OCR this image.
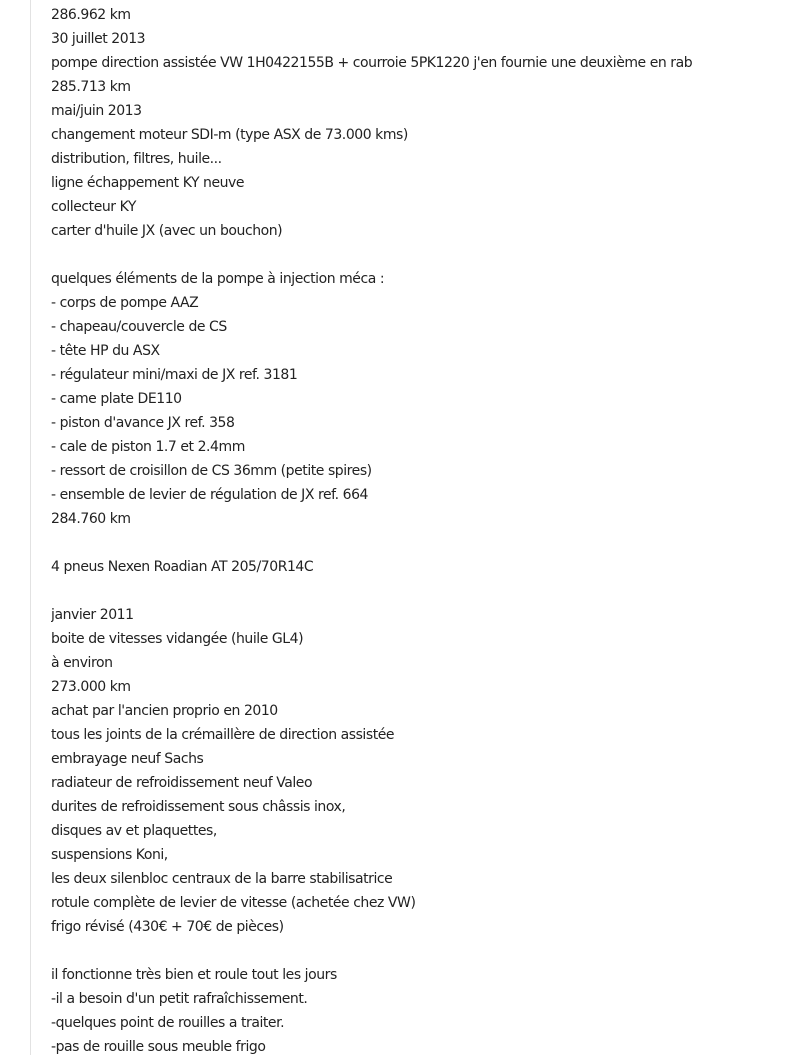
286.962 km
30 juillet 2013
pompe direction assistée VW 1H0422155B + courroie 5PK1220 j'en fournie une deuxième en rab
285.713 km
mai/juin 2013
changement moteur SDI-m (type ASX de 73.000 kms)
distribution, filtres, huile...
ligne échappement KY neuve
collecteur KY
carter d'huile JX (avec un bouchon)
quelques éléments de la pompe à injection méca :
- corps de pompe AAZ
- chapeau/couvercle de CS
- tête HP du ASX
- régulateur mini/maxi de JX ref. 3181
- came plate DE110
- piston d'avance JX ref. 358
- cale de piston 1.7 et 2.4mm
- ressort de croisillon de CS 36mm (petite spires)
- ensemble de levier de régulation de JX ref. 664
284.760 km
4 pneus Nexen Roadian AT 205/70R14C
janvier 2011
boite de vitesses vidangée (huile GL4)
à environ
273.000 km
achat par l'ancien proprio en 2010
tous les joints de la crémaillère de direction assistée
embrayage neuf Sachs
radiateur de refroidissement neuf Valeo
durites de refroidissement sous châssis inox,
disques av et plaquettes,
suspensions Koni,
les deux silenbloc centraux de la barre stabilisatrice
rotule complète de levier de vitesse (achetée chez VW)
frigo révisé (430€ + 70€ de pièces)
il fonctionne très bien et roule tout les jours
-il a besoin d'un petit rafraîchissement.
-quelques point de rouilles a traiter.
-pas de rouille sous meuble frigo
